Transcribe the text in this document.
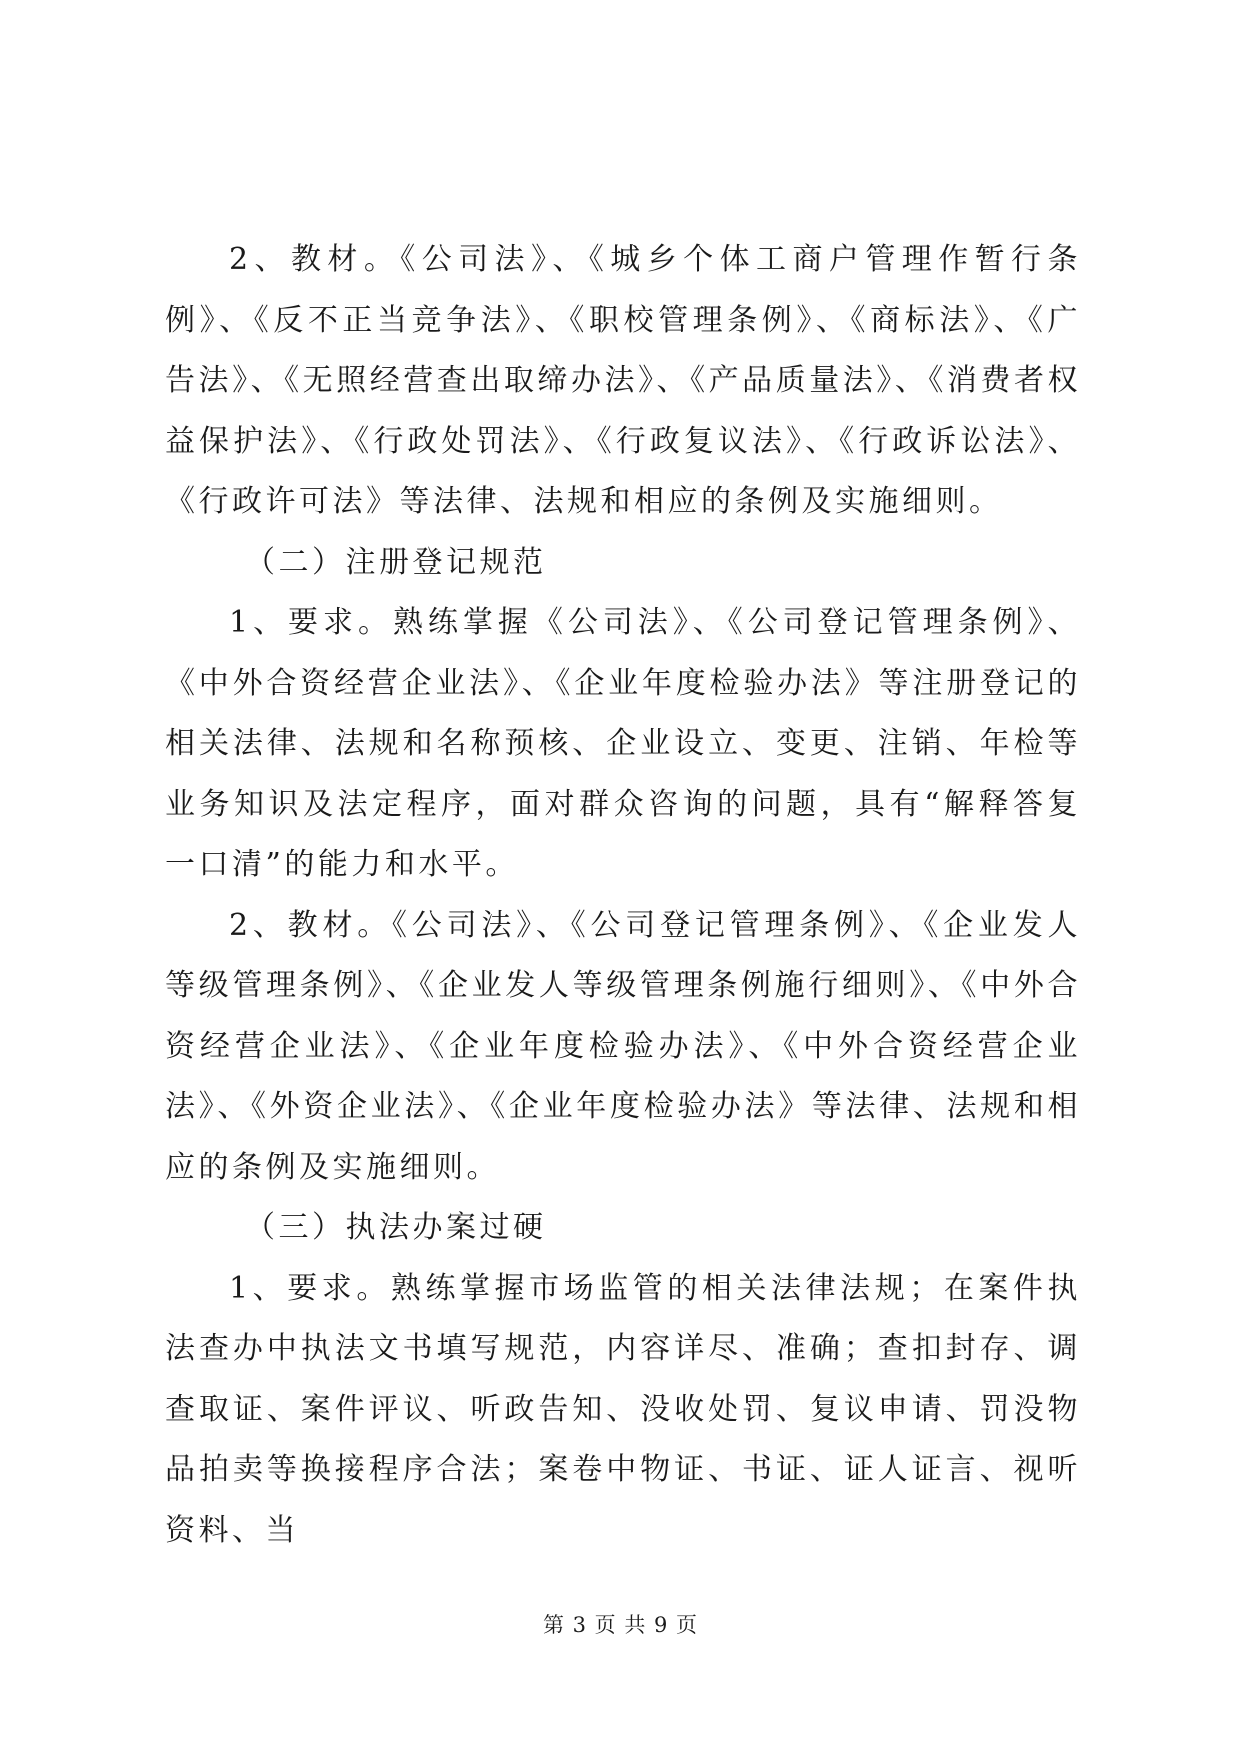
2、教材。《公司法》、《城乡个体工商户管理作暂行条例》、《反不正当竞争法》、《职校管理条例》、《商标法》、《广告法》、《无照经营查出取缔办法》、《产品质量法》、《消费者权益保护法》、《行政处罚法》、《行政复议法》、《行政诉讼法》、《行政许可法》等法律、法规和相应的条例及实施细则。

（二）注册登记规范

1、要求。熟练掌握《公司法》、《公司登记管理条例》、《中外合资经营企业法》、《企业年度检验办法》等注册登记的相关法律、法规和名称预核、企业设立、变更、注销、年检等业务知识及法定程序，面对群众咨询的问题，具有“解释答复一口清”的能力和水平。

2、教材。《公司法》、《公司登记管理条例》、《企业发人等级管理条例》、《企业发人等级管理条例施行细则》、《中外合资经营企业法》、《企业年度检验办法》、《中外合资经营企业法》、《外资企业法》、《企业年度检验办法》等法律、法规和相应的条例及实施细则。

（三）执法办案过硬

1、要求。熟练掌握市场监管的相关法律法规；在案件执法查办中执法文书填写规范，内容详尽、准确；查扣封存、调查取证、案件评议、听政告知、没收处罚、复议申请、罚没物品拍卖等换接程序合法；案卷中物证、书证、证人证言、视听资料、当

第 3 页 共 9 页
